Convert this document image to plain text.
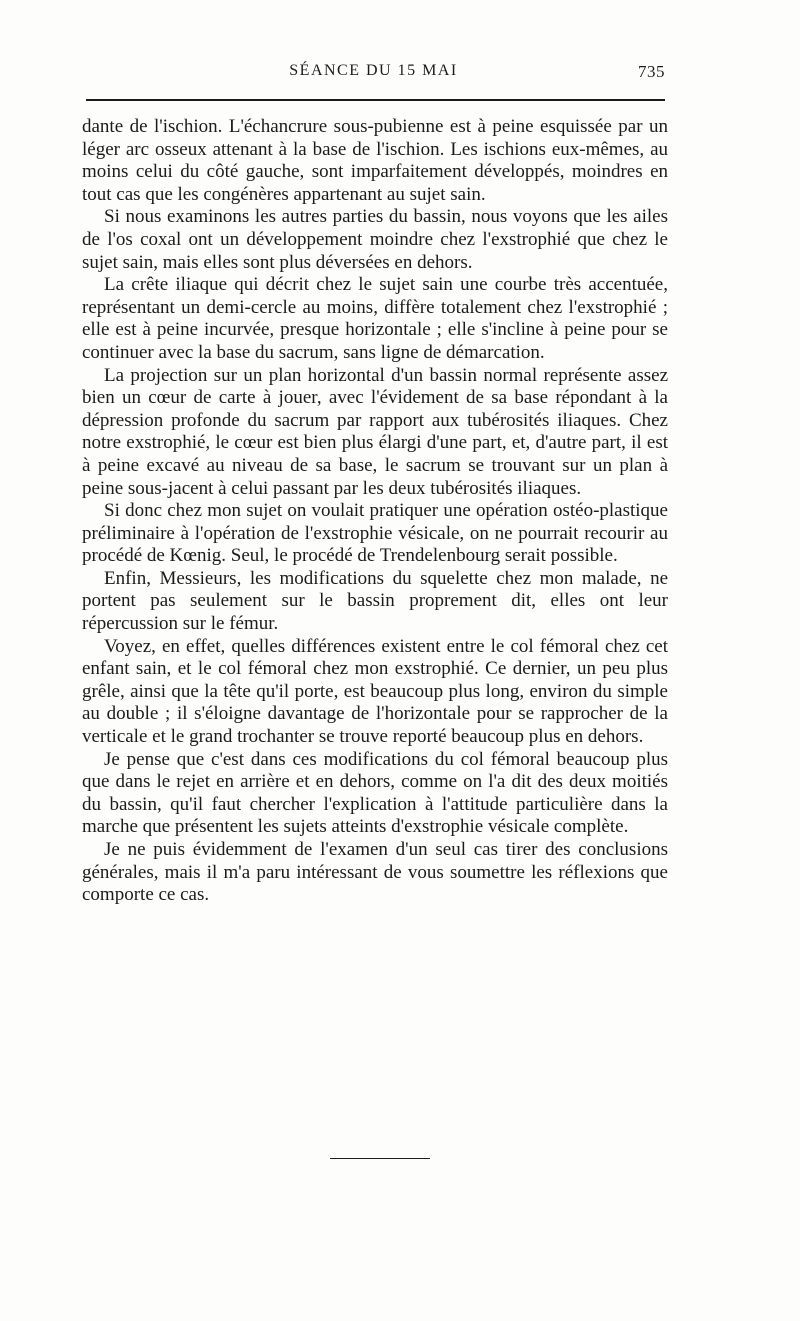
SÉANCE DU 15 MAI	735

dante de l'ischion. L'échancrure sous-pubienne est à peine esquissée par un léger arc osseux attenant à la base de l'ischion. Les ischions eux-mêmes, au moins celui du côté gauche, sont imparfaitement développés, moindres en tout cas que les congénères appartenant au sujet sain.

Si nous examinons les autres parties du bassin, nous voyons que les ailes de l'os coxal ont un développement moindre chez l'exstrophié que chez le sujet sain, mais elles sont plus déversées en dehors.

La crête iliaque qui décrit chez le sujet sain une courbe très accentuée, représentant un demi-cercle au moins, diffère totalement chez l'exstrophié ; elle est à peine incurvée, presque horizontale ; elle s'incline à peine pour se continuer avec la base du sacrum, sans ligne de démarcation.

La projection sur un plan horizontal d'un bassin normal représente assez bien un cœur de carte à jouer, avec l'évidement de sa base répondant à la dépression profonde du sacrum par rapport aux tubérosités iliaques. Chez notre exstrophié, le cœur est bien plus élargi d'une part, et, d'autre part, il est à peine excavé au niveau de sa base, le sacrum se trouvant sur un plan à peine sous-jacent à celui passant par les deux tubérosités iliaques.

Si donc chez mon sujet on voulait pratiquer une opération ostéo-plastique préliminaire à l'opération de l'exstrophie vésicale, on ne pourrait recourir au procédé de Kœnig. Seul, le procédé de Trendelenbourg serait possible.

Enfin, Messieurs, les modifications du squelette chez mon malade, ne portent pas seulement sur le bassin proprement dit, elles ont leur répercussion sur le fémur.

Voyez, en effet, quelles différences existent entre le col fémoral chez cet enfant sain, et le col fémoral chez mon exstrophié. Ce dernier, un peu plus grêle, ainsi que la tête qu'il porte, est beaucoup plus long, environ du simple au double ; il s'éloigne davantage de l'horizontale pour se rapprocher de la verticale et le grand trochanter se trouve reporté beaucoup plus en dehors.

Je pense que c'est dans ces modifications du col fémoral beaucoup plus que dans le rejet en arrière et en dehors, comme on l'a dit des deux moitiés du bassin, qu'il faut chercher l'explication à l'attitude particulière dans la marche que présentent les sujets atteints d'exstrophie vésicale complète.

Je ne puis évidemment de l'examen d'un seul cas tirer des conclusions générales, mais il m'a paru intéressant de vous soumettre les réflexions que comporte ce cas.
